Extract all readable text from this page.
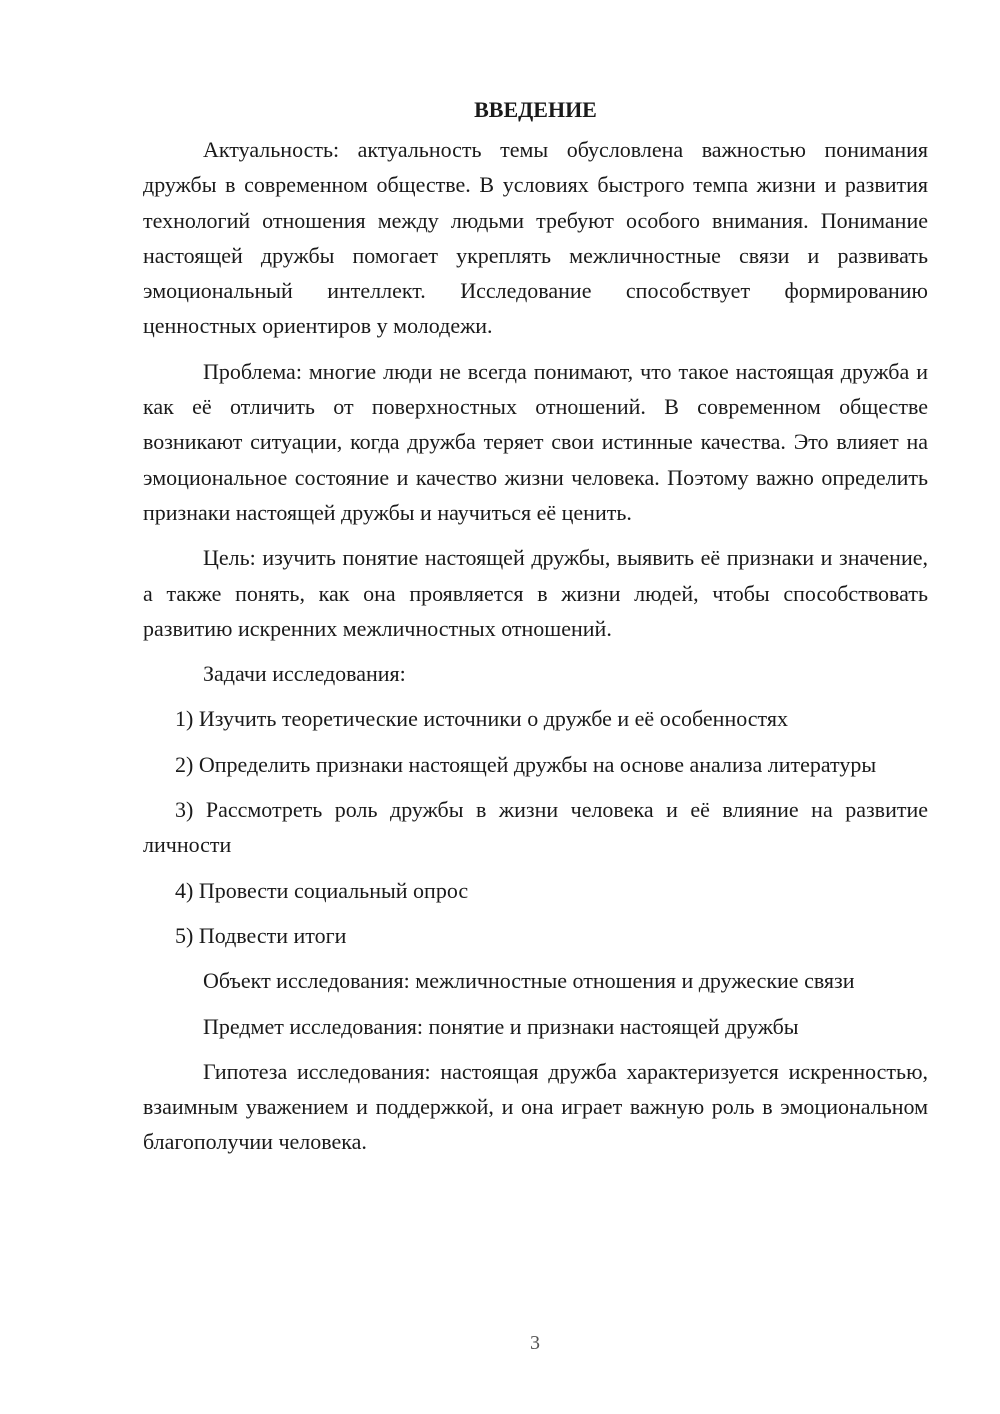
ВВЕДЕНИЕ

Актуальность: актуальность темы обусловлена важностью понимания дружбы в современном обществе. В условиях быстрого темпа жизни и развития технологий отношения между людьми требуют особого внимания. Понимание настоящей дружбы помогает укреплять межличностные связи и развивать эмоциональный интеллект. Исследование способствует формированию ценностных ориентиров у молодежи.

Проблема: многие люди не всегда понимают, что такое настоящая дружба и как её отличить от поверхностных отношений. В современном обществе возникают ситуации, когда дружба теряет свои истинные качества. Это влияет на эмоциональное состояние и качество жизни человека. Поэтому важно определить признаки настоящей дружбы и научиться её ценить.

Цель: изучить понятие настоящей дружбы, выявить её признаки и значение, а также понять, как она проявляется в жизни людей, чтобы способствовать развитию искренних межличностных отношений.

Задачи исследования:

1) Изучить теоретические источники о дружбе и её особенностях

2) Определить признаки настоящей дружбы на основе анализа литературы

3) Рассмотреть роль дружбы в жизни человека и её влияние на развитие личности

4) Провести социальный опрос

5) Подвести итоги

Объект исследования: межличностные отношения и дружеские связи

Предмет исследования: понятие и признаки настоящей дружбы

Гипотеза исследования: настоящая дружба характеризуется искренностью, взаимным уважением и поддержкой, и она играет важную роль в эмоциональном благополучии человека.

3
